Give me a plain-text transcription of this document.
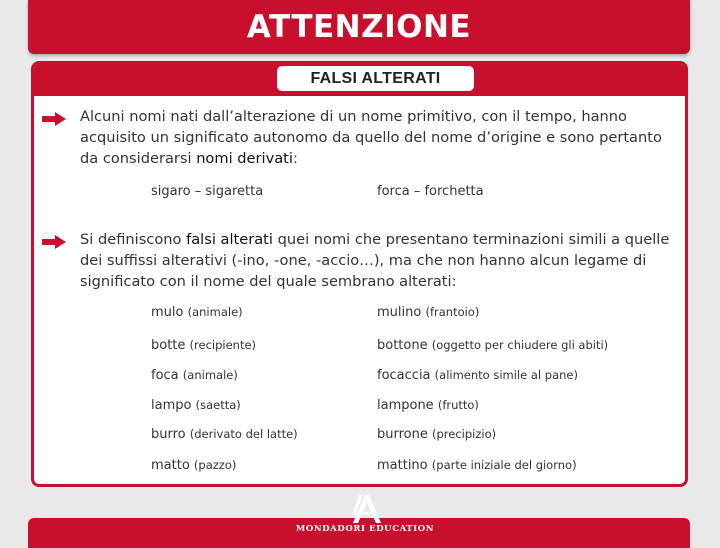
ATTENZIONE
FALSI ALTERATI
Alcuni nomi nati dall’alterazione di un nome primitivo, con il tempo, hanno acquisito un significato autonomo da quello del nome d’origine e sono pertanto da considerarsi nomi derivati:
sigaro – sigaretta	forca – forchetta
Si definiscono falsi alterati quei nomi che presentano terminazioni simili a quelle dei suffissi alterativi (-ino, -one, -accio…), ma che non hanno alcun legame di significato con il nome del quale sembrano alterati:
mulo (animale)	mulino (frantoio)
botte (recipiente)	bottone (oggetto per chiudere gli abiti)
foca (animale)	focaccia (alimento simile al pane)
lampo (saetta)	lampone (frutto)
burro (derivato del latte)	burrone (precipizio)
matto (pazzo)	mattino (parte iniziale del giorno)
MONDADORI EDUCATION
